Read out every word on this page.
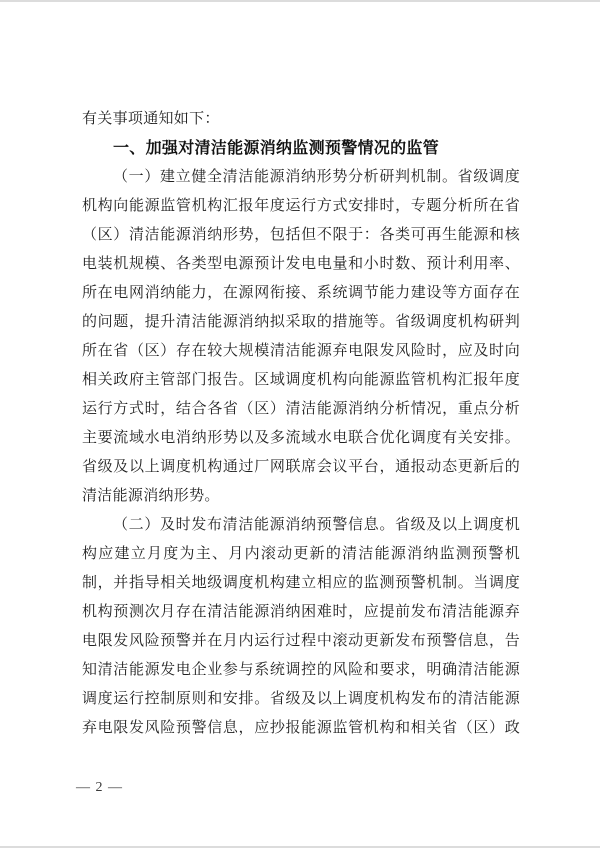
有关事项通知如下：
一、加强对清洁能源消纳监测预警情况的监管
（一）建立健全清洁能源消纳形势分析研判机制。省级调度
机构向能源监管机构汇报年度运行方式安排时，专题分析所在省
（区）清洁能源消纳形势，包括但不限于：各类可再生能源和核
电装机规模、各类型电源预计发电电量和小时数、预计利用率、
所在电网消纳能力，在源网衔接、系统调节能力建设等方面存在
的问题，提升清洁能源消纳拟采取的措施等。省级调度机构研判
所在省（区）存在较大规模清洁能源弃电限发风险时，应及时向
相关政府主管部门报告。区域调度机构向能源监管机构汇报年度
运行方式时，结合各省（区）清洁能源消纳分析情况，重点分析
主要流域水电消纳形势以及多流域水电联合优化调度有关安排。
省级及以上调度机构通过厂网联席会议平台，通报动态更新后的
清洁能源消纳形势。
（二）及时发布清洁能源消纳预警信息。省级及以上调度机
构应建立月度为主、月内滚动更新的清洁能源消纳监测预警机
制，并指导相关地级调度机构建立相应的监测预警机制。当调度
机构预测次月存在清洁能源消纳困难时，应提前发布清洁能源弃
电限发风险预警并在月内运行过程中滚动更新发布预警信息，告
知清洁能源发电企业参与系统调控的风险和要求，明确清洁能源
调度运行控制原则和安排。省级及以上调度机构发布的清洁能源
弃电限发风险预警信息，应抄报能源监管机构和相关省（区）政
— 2 —
